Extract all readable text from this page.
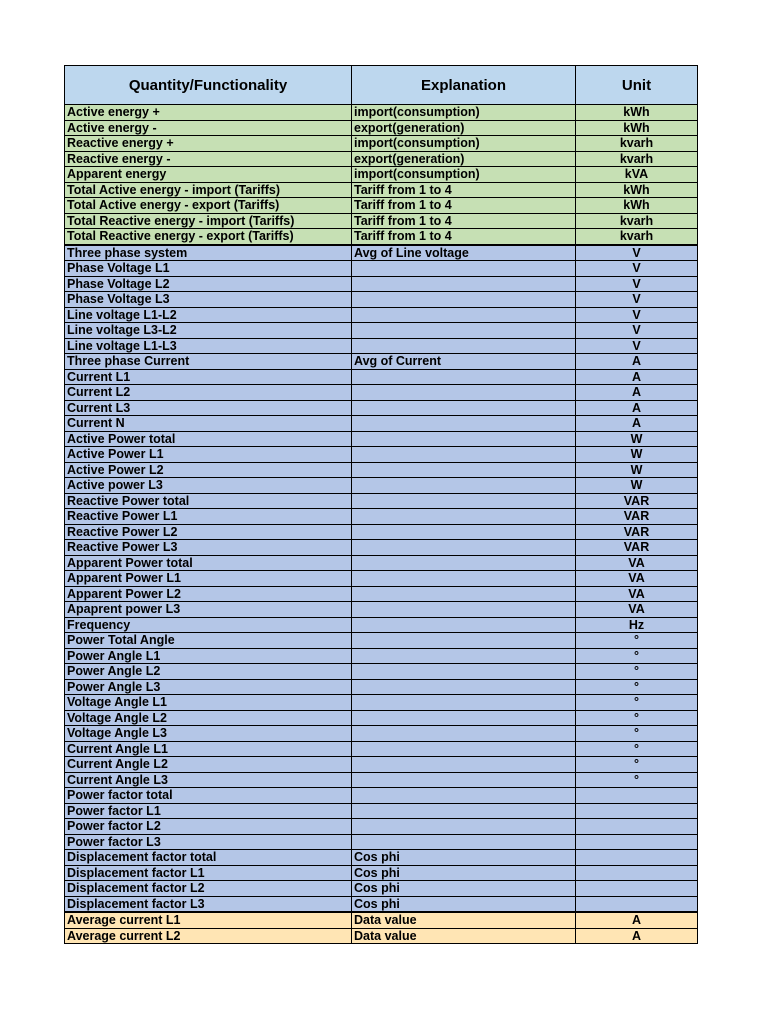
Quantity/Functionality	Explanation	Unit
Active energy +	import(consumption)	kWh
Active energy -	export(generation)	kWh
Reactive energy +	import(consumption)	kvarh
Reactive energy -	export(generation)	kvarh
Apparent energy	import(consumption)	kVA
Total Active energy - import (Tariffs)	Tariff from 1 to 4	kWh
Total Active energy - export (Tariffs)	Tariff from 1 to 4	kWh
Total Reactive energy - import (Tariffs)	Tariff from 1 to 4	kvarh
Total Reactive energy - export (Tariffs)	Tariff from 1 to 4	kvarh
Three phase system	Avg of Line voltage	V
Phase Voltage L1		V
Phase Voltage L2		V
Phase Voltage L3		V
Line voltage L1-L2		V
Line voltage L3-L2		V
Line voltage L1-L3		V
Three phase Current	Avg of Current	A
Current L1		A
Current L2		A
Current L3		A
Current N		A
Active Power total		W
Active Power L1		W
Active Power L2		W
Active power L3		W
Reactive Power total		VAR
Reactive Power L1		VAR
Reactive Power L2		VAR
Reactive Power L3		VAR
Apparent Power total		VA
Apparent Power L1		VA
Apparent Power L2		VA
Apaprent power L3		VA
Frequency		Hz
Power Total Angle		°
Power Angle L1		°
Power Angle L2		°
Power Angle L3		°
Voltage Angle L1		°
Voltage Angle L2		°
Voltage Angle L3		°
Current Angle L1		°
Current Angle L2		°
Current Angle L3		°
Power factor total		
Power factor L1		
Power factor L2		
Power factor L3		
Displacement factor total	Cos phi	
Displacement factor L1	Cos phi	
Displacement factor L2	Cos phi	
Displacement factor L3	Cos phi	
Average current L1	Data value	A
Average current L2	Data value	A
